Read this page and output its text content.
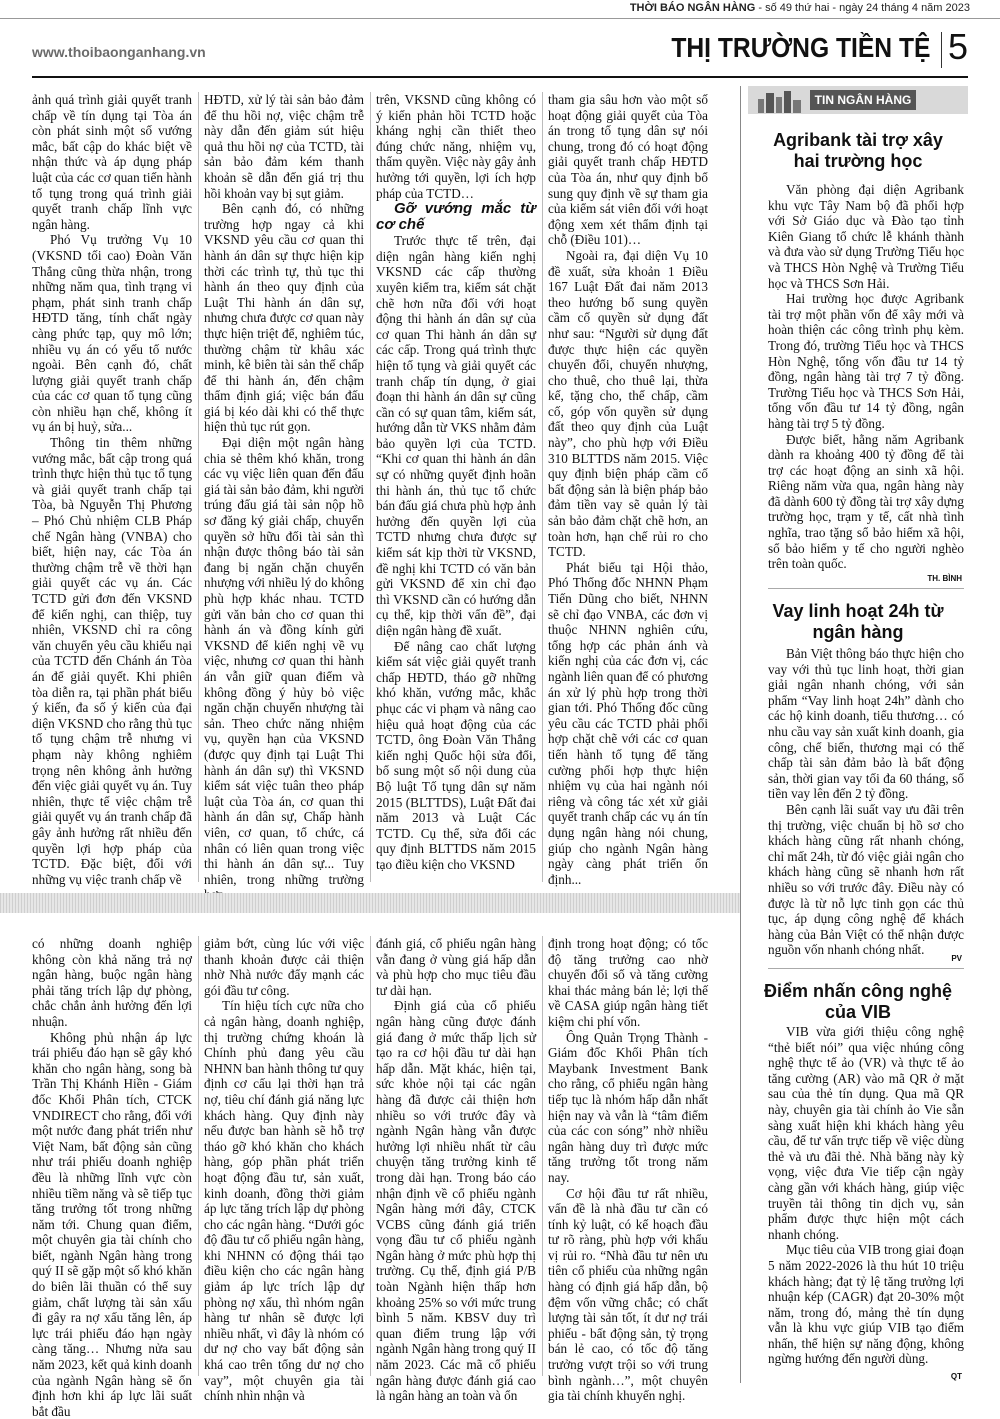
THỜI BÁO NGÂN HÀNG - số 49 thứ hai - ngày 24 tháng 4 năm 2023
www.thoibaonganhang.vn	THỊ TRƯỜNG TIỀN TỆ 5

ảnh quá trình giải quyết tranh chấp về tín dụng tại Tòa án còn phát sinh một số vướng mắc, bất cập do khác biệt về nhận thức và áp dụng pháp luật của các cơ quan tiến hành tố tụng trong quá trình giải quyết tranh chấp lĩnh vực ngân hàng.

Phó Vụ trưởng Vụ 10 (VKSND tối cao) Đoàn Văn Thắng cũng thừa nhận, trong những năm qua, tình trạng vi phạm, phát sinh tranh chấp HĐTD tăng, tính chất ngày càng phức tạp, quy mô lớn; nhiều vụ án có yếu tố nước ngoài. Bên cạnh đó, chất lượng giải quyết tranh chấp của các cơ quan tố tụng cũng còn nhiều hạn chế, không ít vụ án bị huỷ, sửa...

Thông tin thêm những vướng mắc, bất cập trong quá trình thực hiện thủ tục tố tụng và giải quyết tranh chấp tại Tòa, bà Nguyễn Thị Phương – Phó Chủ nhiệm CLB Pháp chế Ngân hàng (VNBA) cho biết, hiện nay, các Tòa án thường chậm trễ về thời hạn giải quyết các vụ án. Các TCTD gửi đơn đến VKSND để kiến nghị, can thiệp, tuy nhiên, VKSND chỉ ra công văn chuyển yêu cầu khiếu nại của TCTD đến Chánh án Tòa án để giải quyết. Khi phiên tòa diễn ra, tại phần phát biểu ý kiến, đa số ý kiến của đại diện VKSND cho rằng thủ tục tố tụng chậm trễ nhưng vi phạm này không nghiêm trọng nên không ảnh hưởng đến việc giải quyết vụ án. Tuy nhiên, thực tế việc chậm trễ giải quyết vụ án tranh chấp đã gây ảnh hưởng rất nhiều đến quyền lợi hợp pháp của TCTD. Đặc biệt, đối với những vụ việc tranh chấp về

HĐTD, xử lý tài sản bảo đảm để thu hồi nợ, việc chậm trễ này dẫn đến giảm sút hiệu quả thu hồi nợ của TCTD, tài sản bảo đảm kém thanh khoản sẽ dẫn đến giá trị thu hồi khoản vay bị sụt giảm.

Bên cạnh đó, có những trường hợp ngay cả khi VKSND yêu cầu cơ quan thi hành án dân sự thực hiện kịp thời các trình tự, thủ tục thi hành án theo quy định của Luật Thi hành án dân sự, nhưng chưa được cơ quan này thực hiện triệt để, nghiêm túc, thường chậm từ khâu xác minh, kê biên tài sản thế chấp để thi hành án, đến chậm thẩm định giá; việc bán đấu giá bị kéo dài khi có thể thực hiện thủ tục rút gọn.

Đại diện một ngân hàng chia sẻ thêm khó khăn, trong các vụ việc liên quan đến đấu giá tài sản bảo đảm, khi người trúng đấu giá tài sản nộp hồ sơ đăng ký giải chấp, chuyển quyền sở hữu đối tài sản thì nhận được thông báo tài sản đang bị ngăn chặn chuyển nhượng với nhiều lý do không phù hợp khác nhau. TCTD gửi văn bản cho cơ quan thi hành án và đồng kính gửi VKSND để kiến nghị về vụ việc, nhưng cơ quan thi hành án vẫn giữ quan điểm và không đồng ý hủy bỏ việc ngăn chặn chuyển nhượng tài sản. Theo chức năng nhiệm vụ, quyền hạn của VKSND (được quy định tại Luật Thi hành án dân sự) thì VKSND kiểm sát việc tuân theo pháp luật của Tòa án, cơ quan thi hành án dân sự, Chấp hành viên, cơ quan, tổ chức, cá nhân có liên quan trong việc thi hành án dân sự... Tuy nhiên, trong những trường

trên, VKSND cũng không có ý kiến phản hồi TCTD hoặc kháng nghị cần thiết theo đúng chức năng, nhiệm vụ, thẩm quyền. Việc này gây ảnh hưởng tới quyền, lợi ích hợp pháp của TCTD…

Gỡ vướng mắc từ cơ chế

Trước thực tế trên, đại diện ngân hàng kiến nghị VKSND các cấp thường xuyên kiểm tra, kiểm sát chặt chẽ hơn nữa đối với hoạt động thi hành án dân sự của cơ quan Thi hành án dân sự các cấp. Trong quá trình thực hiện tố tụng và giải quyết các tranh chấp tín dụng, ở giai đoạn thi hành án dân sự cũng cần có sự quan tâm, kiểm sát, hướng dẫn từ VKS nhằm đảm bảo quyền lợi của TCTD. “Khi cơ quan thi hành án dân sự có những quyết định hoãn thi hành án, thủ tục tổ chức bán đấu giá chưa phù hợp ảnh hưởng đến quyền lợi của TCTD nhưng chưa được sự kiểm sát kịp thời từ VKSND, đề nghị khi TCTD có văn bản gửi VKSND để xin chỉ đạo thì VKSND cần có hướng dẫn cụ thể, kịp thời vấn đề”, đại diện ngân hàng đề xuất.

Để nâng cao chất lượng kiểm sát việc giải quyết tranh chấp HĐTD, tháo gỡ những khó khăn, vướng mắc, khắc phục các vi phạm và nâng cao hiệu quả hoạt động của các TCTD, ông Đoàn Văn Thắng kiến nghị Quốc hội sửa đổi, bổ sung một số nội dung của Bộ luật Tố tụng dân sự năm 2015 (BLTTDS), Luật Đất đai năm 2013 và Luật Các TCTD. Cụ thể, sửa đổi các quy định BLTTDS năm 2015 tạo điều kiện cho VKSND

tham gia sâu hơn vào một số hoạt động giải quyết của Tòa án trong tố tụng dân sự nói chung, trong đó có hoạt động giải quyết tranh chấp HĐTD của Tòa án, như quy định bổ sung quy định về sự tham gia của kiểm sát viên đối với hoạt động xem xét thẩm định tại chỗ (Điều 101)…

Ngoài ra, đại diện Vụ 10 đề xuất, sửa khoản 1 Điều 167 Luật Đất đai năm 2013 theo hướng bổ sung quyền cầm cố quyền sử dụng đất như sau: “Người sử dụng đất được thực hiện các quyền chuyển đổi, chuyển nhượng, cho thuê, cho thuê lại, thừa kế, tặng cho, thế chấp, cầm cố, góp vốn quyền sử dụng đất theo quy định của Luật này”, cho phù hợp với Điều 310 BLTTDS năm 2015. Việc quy định biện pháp cầm cố bất động sản là biện pháp bảo đảm tiền vay sẽ quản lý tài sản bảo đảm chặt chẽ hơn, an toàn hơn, hạn chế rủi ro cho TCTD.

Phát biểu tại Hội thảo, Phó Thống đốc NHNN Phạm Tiến Dũng cho biết, NHNN sẽ chỉ đạo VNBA, các đơn vị thuộc NHNN nghiên cứu, tổng hợp các phản ánh và kiến nghị của các đơn vị, các ngành liên quan để có phương án xử lý phù hợp trong thời gian tới. Phó Thống đốc cũng yêu cầu các TCTD phải phối hợp chặt chẽ với các cơ quan tiến hành tố tụng để tăng cường phối hợp thực hiện nhiệm vụ của hai ngành nói riêng và công tác xét xử giải quyết tranh chấp các vụ án tín dụng ngân hàng nói chung, giúp cho ngành Ngân hàng ngày càng phát triển ổn định...

có những doanh nghiệp không còn khả năng trả nợ ngân hàng, buộc ngân hàng phải tăng trích lập dự phòng, chắc chắn ảnh hưởng đến lợi nhuận.

Không phủ nhận áp lực trái phiếu đáo hạn sẽ gây khó khăn cho ngân hàng, song bà Trần Thị Khánh Hiền - Giám đốc Khối Phân tích, CTCK VNDIRECT cho rằng, đối với một nước đang phát triển như Việt Nam, bất động sản cũng như trái phiếu doanh nghiệp đều là những lĩnh vực còn nhiều tiềm năng và sẽ tiếp tục tăng trưởng tốt trong những năm tới. Chung quan điểm, một chuyên gia tài chính cho biết, ngành Ngân hàng trong quý II sẽ gặp một số khó khăn do biên lãi thuần có thể suy giảm, chất lượng tài sản xấu đi gây ra nợ xấu tăng lên, áp lực trái phiếu đáo hạn ngày càng tăng… Nhưng nửa sau năm 2023, kết quả kinh doanh của ngành Ngân hàng sẽ ổn định hơn khi áp lực lãi suất bắt đầu

giảm bớt, cùng lúc với việc thanh khoản được cải thiện nhờ Nhà nước đẩy mạnh các gói đầu tư công.

Tín hiệu tích cực nữa cho cả ngân hàng, doanh nghiệp, thị trường chứng khoán là Chính phủ đang yêu cầu NHNN ban hành thông tư quy định cơ cấu lại thời hạn trả nợ, tiêu chí đánh giá năng lực khách hàng. Quy định này nếu được ban hành sẽ hỗ trợ tháo gỡ khó khăn cho khách hàng, góp phần phát triển hoạt động đầu tư, sản xuất, kinh doanh, đồng thời giảm áp lực tăng trích lập dự phòng cho các ngân hàng. “Dưới góc độ đầu tư cổ phiếu ngân hàng, khi NHNN có động thái tạo điều kiện cho các ngân hàng giảm áp lực trích lập dự phòng nợ xấu, thì nhóm ngân hàng tư nhân sẽ được lợi nhiều nhất, vì đây là nhóm có dư nợ cho vay bất động sản khá cao trên tổng dư nợ cho vay”, một chuyên gia tài chính nhìn nhận và

đánh giá, cổ phiếu ngân hàng vẫn đang ở vùng giá hấp dẫn và phù hợp cho mục tiêu đầu tư dài hạn.

Định giá của cổ phiếu ngân hàng cũng được đánh giá đang ở mức thấp lịch sử tạo ra cơ hội đầu tư dài hạn hấp dẫn. Mặt khác, hiện tại, sức khỏe nội tại các ngân hàng đã được cải thiện hơn nhiều so với trước đây và ngành Ngân hàng vẫn được hưởng lợi nhiều nhất từ câu chuyện tăng trưởng kinh tế trong dài hạn. Trong báo cáo nhận định về cổ phiếu ngành Ngân hàng mới đây, CTCK VCBS cũng đánh giá triển vọng đầu tư cổ phiếu ngành Ngân hàng ở mức phù hợp thị trường. Cụ thể, định giá P/B toàn Ngành hiện thấp hơn khoảng 25% so với mức trung bình 5 năm. KBSV duy trì quan điểm trung lập với ngành Ngân hàng trong quý II năm 2023. Các mã cổ phiếu ngân hàng được đánh giá cao là ngân hàng an toàn và ổn

định trong hoạt động; có tốc độ tăng trưởng cao nhờ chuyển đổi số và tăng cường khai thác mảng bán lẻ; lợi thế về CASA giúp ngân hàng tiết kiệm chi phí vốn.

Ông Quản Trọng Thành - Giám đốc Khối Phân tích Maybank Investment Bank cho rằng, cổ phiếu ngân hàng tiếp tục là nhóm hấp dẫn nhất hiện nay và vẫn là “tâm điểm của các con sóng” nhờ nhiều ngân hàng duy trì được mức tăng trưởng tốt trong năm nay.

Cơ hội đầu tư rất nhiều, vấn đề là nhà đầu tư cần có tính kỷ luật, có kế hoạch đầu tư rõ ràng, phù hợp với khẩu vị rủi ro. “Nhà đầu tư nên ưu tiên cổ phiếu của những ngân hàng có định giá hấp dẫn, bộ đệm vốn vững chắc; có chất lượng tài sản tốt, ít dư nợ trái phiếu - bất động sản, tỷ trọng bán lẻ cao, có tốc độ tăng trưởng vượt trội so với trung bình ngành…”, một chuyên gia tài chính khuyến nghị.

TIN NGÂN HÀNG
Agribank tài trợ xây hai trường học

Văn phòng đại diện Agribank khu vực Tây Nam bộ đã phối hợp với Sở Giáo dục và Đào tạo tỉnh Kiên Giang tổ chức lễ khánh thành và đưa vào sử dụng Trường Tiểu học và THCS Hòn Nghệ và Trường Tiểu học và THCS Sơn Hải.

Hai trường học được Agribank tài trợ một phần vốn để xây mới và hoàn thiện các công trình phụ kèm. Trong đó, trường Tiểu học và THCS Hòn Nghệ, tổng vốn đầu tư 14 tỷ đồng, ngân hàng tài trợ 7 tỷ đồng. Trường Tiểu học và THCS Sơn Hải, tổng vốn đầu tư 14 tỷ đồng, ngân hàng tài trợ 5 tỷ đồng.

Được biết, hằng năm Agribank dành ra khoảng 400 tỷ đồng để tài trợ các hoạt động an sinh xã hội. Riêng năm vừa qua, ngân hàng này đã dành 600 tỷ đồng tài trợ xây dựng trường học, trạm y tế, cất nhà tình nghĩa, trao tặng sổ bảo hiểm xã hội, sổ bảo hiểm y tế cho người nghèo trên toàn quốc.

TH. BÌNH
Vay linh hoạt 24h từ ngân hàng

Bản Việt thông báo thực hiện cho vay với thủ tục linh hoạt, thời gian giải ngân nhanh chóng, với sản phẩm “Vay linh hoạt 24h” dành cho các hộ kinh doanh, tiểu thương… có nhu cầu vay sản xuất kinh doanh, gia công, chế biến, thương mại có thế chấp tài sản đảm bảo là bất động sản, thời gian vay tối đa 60 tháng, số tiền vay lên đến 2 tỷ đồng.

Bên cạnh lãi suất vay ưu đãi trên thị trường, việc chuẩn bị hồ sơ cho khách hàng cũng rất nhanh chóng, chỉ mất 24h, từ đó việc giải ngân cho khách hàng cũng sẽ nhanh hơn rất nhiều so với trước đây. Điều này có được là từ nỗ lực tinh gọn các thủ tục, áp dụng công nghệ để khách hàng của Bản Việt có thể nhận được nguồn vốn nhanh chóng nhất.

PV
Điểm nhấn công nghệ của VIB

VIB vừa giới thiệu công nghệ “thẻ biết nói” qua việc nhúng công nghệ thực tế ảo (VR) và thực tế ảo tăng cường (AR) vào mã QR ở mặt sau của thẻ tín dụng. Qua mã QR này, chuyên gia tài chính ảo Vie sẵn sàng xuất hiện khi khách hàng yêu cầu, để tư vấn trực tiếp về việc dùng thẻ và ưu đãi thẻ. Nhà băng này kỳ vọng, việc đưa Vie tiếp cận ngày càng gần với khách hàng, giúp việc truyền tải thông tin dịch vụ, sản phẩm được thực hiện một cách nhanh chóng.

Mục tiêu của VIB trong giai đoạn 5 năm 2022-2026 là thu hút 10 triệu khách hàng; đạt tỷ lệ tăng trưởng lợi nhuận kép (CAGR) đạt 20-30% một năm, trong đó, mảng thẻ tín dụng vẫn là khu vực giúp VIB tạo điểm nhấn, thể hiện sự năng động, không ngừng hướng đến người dùng.

QT
